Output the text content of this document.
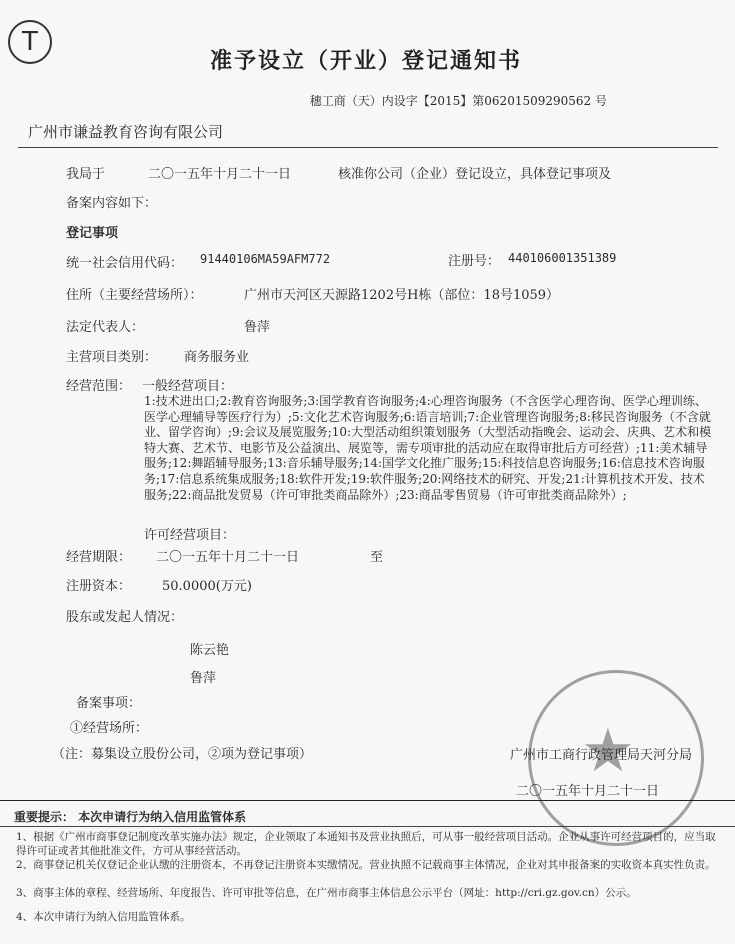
T
准予设立（开业）登记通知书
穗工商（天）内设字【2015】第06201509290562 号
广州市谦益教育咨询有限公司
我局于	二〇一五年十月二十一日	核准你公司（企业）登记设立，具体登记事项及
备案内容如下：
登记事项
统一社会信用代码： 91440106MA59AFM772	注册号： 440106001351389
住所（主要经营场所）：	广州市天河区天源路1202号H栋（部位：18号1059）
法定代表人：	鲁萍
主营项目类别： 商务服务业
经营范围： 一般经营项目：
1:技术进出口;2:教育咨询服务;3:国学教育咨询服务;4:心理咨询服务（不含医学心理咨询、医学心理训练、医学心理辅导等医疗行为）;5:文化艺术咨询服务;6:语言培训;7:企业管理咨询服务;8:移民咨询服务（不含就业、留学咨询）;9:会议及展览服务;10:大型活动组织策划服务（大型活动指晚会、运动会、庆典、艺术和模特大赛、艺术节、电影节及公益演出、展览等，需专项审批的活动应在取得审批后方可经营）;11:美术辅导服务;12:舞蹈辅导服务;13:音乐辅导服务;14:国学文化推广服务;15:科技信息咨询服务;16:信息技术咨询服务;17:信息系统集成服务;18:软件开发;19:软件服务;20:网络技术的研究、开发;21:计算机技术开发、技术服务;22:商品批发贸易（许可审批类商品除外）;23:商品零售贸易（许可审批类商品除外）;
许可经营项目：
经营期限： 二〇一五年十月二十一日	至
注册资本： 50.0000(万元)
股东或发起人情况：
陈云艳
鲁萍
备案事项：
①经营场所：
（注：募集设立股份公司，②项为登记事项）	★
广州市工商行政管理局天河分局
二〇一五年十月二十一日
重要提示： 本次申请行为纳入信用监管体系
1、根据《广州市商事登记制度改革实施办法》规定，企业领取了本通知书及营业执照后，可从事一般经营项目活动。企业从事许可经营项目的，应当取得许可证或者其他批准文件，方可从事经营活动。
2、商事登记机关仅登记企业认缴的注册资本，不再登记注册资本实缴情况。营业执照不记载商事主体情况，企业对其申报备案的实收资本真实性负责。
3、商事主体的章程、经营场所、年度报告、许可审批等信息，在广州市商事主体信息公示平台（网址：http://cri.gz.gov.cn）公示。
4、本次申请行为纳入信用监管体系。
